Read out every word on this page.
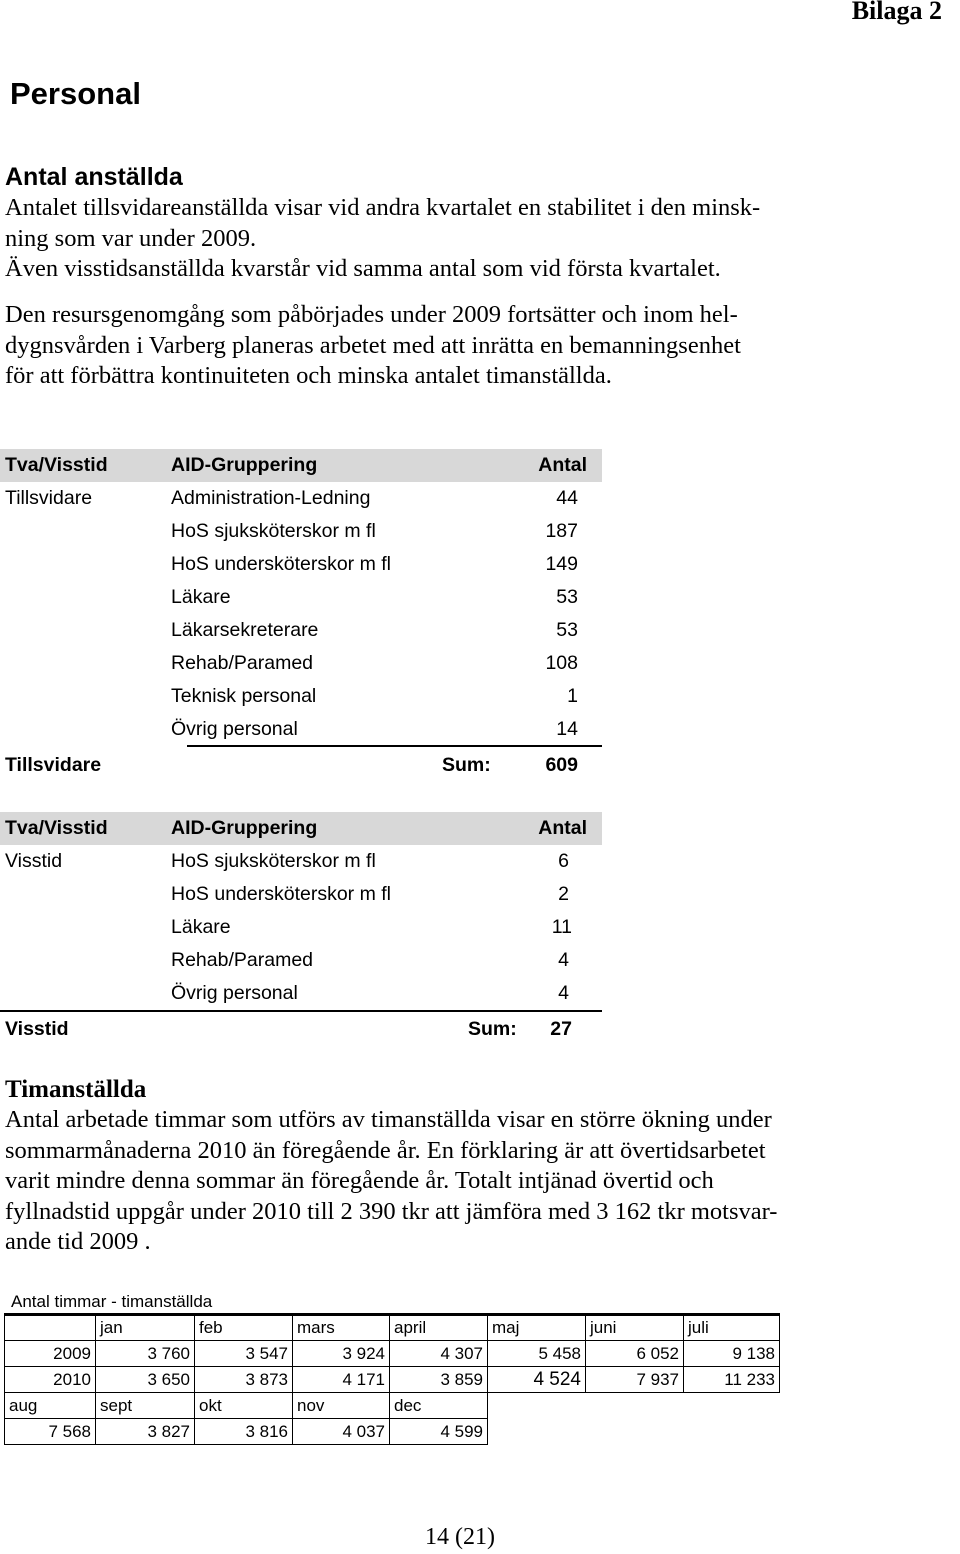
Bilaga 2
Personal
Antal anställda
Antalet tillsvidareanställda visar vid andra kvartalet en stabilitet i den minsk-
ning som var under 2009.
Även visstidsanställda kvarstår vid samma antal som vid första kvartalet.
Den resursgenomgång som påbörjades under 2009 fortsätter och inom hel-
dygnsvården i Varberg planeras arbetet med att inrätta en bemanningsenhet
för att förbättra kontinuiteten och minska antalet timanställda.
Tva/Visstid	AID-Gruppering	Antal
Tillsvidare	Administration-Ledning	44
HoS sjuksköterskor m fl	187
HoS undersköterskor m fl	149
Läkare	53
Läkarsekreterare	53
Rehab/Paramed	108
Teknisk personal	1
Övrig personal	14
Tillsvidare	Sum:	609
Tva/Visstid	AID-Gruppering	Antal
Visstid	HoS sjuksköterskor m fl	6
HoS undersköterskor m fl	2
Läkare	11
Rehab/Paramed	4
Övrig personal	4
Visstid	Sum: 27
Timanställda
Antal arbetade timmar som utförs av timanställda visar en större ökning under
sommarmånaderna 2010 än föregående år. En förklaring är att övertidsarbetet
varit mindre denna sommar än föregående år. Totalt intjänad övertid och
fyllnadstid uppgår under 2010 till 2 390 tkr att jämföra med 3 162 tkr motsvar-
ande tid 2009 .
Antal timmar - timanställda
	jan	feb	mars	april	maj	juni	juli
2009	3 760	3 547	3 924	4 307	5 458	6 052	9 138
2010	3 650	3 873	4 171	3 859	4 524	7 937	11 233
aug	sept	okt	nov	dec			
7 568	3 827	3 816	4 037	4 599			
14 (21)
